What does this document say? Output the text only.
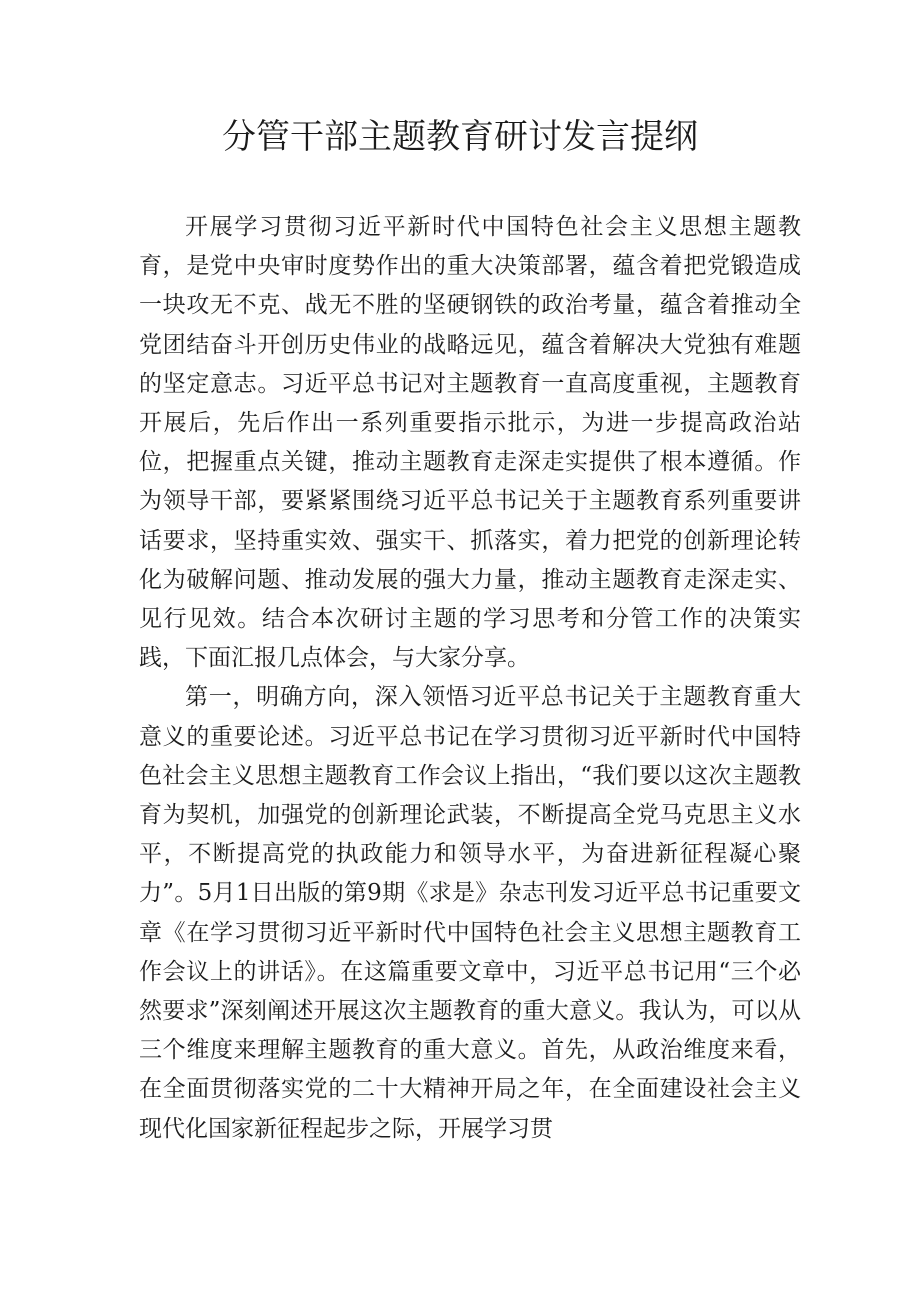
分管干部主题教育研讨发言提纲

开展学习贯彻习近平新时代中国特色社会主义思想主题教育，是党中央审时度势作出的重大决策部署，蕴含着把党锻造成一块攻无不克、战无不胜的坚硬钢铁的政治考量，蕴含着推动全党团结奋斗开创历史伟业的战略远见，蕴含着解决大党独有难题的坚定意志。习近平总书记对主题教育一直高度重视，主题教育开展后，先后作出一系列重要指示批示，为进一步提高政治站位，把握重点关键，推动主题教育走深走实提供了根本遵循。作为领导干部，要紧紧围绕习近平总书记关于主题教育系列重要讲话要求，坚持重实效、强实干、抓落实，着力把党的创新理论转化为破解问题、推动发展的强大力量，推动主题教育走深走实、见行见效。结合本次研讨主题的学习思考和分管工作的决策实践，下面汇报几点体会，与大家分享。

第一，明确方向，深入领悟习近平总书记关于主题教育重大意义的重要论述。习近平总书记在学习贯彻习近平新时代中国特色社会主义思想主题教育工作会议上指出，“我们要以这次主题教育为契机，加强党的创新理论武装，不断提高全党马克思主义水平，不断提高党的执政能力和领导水平，为奋进新征程凝心聚力”。5月1日出版的第9期《求是》杂志刊发习近平总书记重要文章《在学习贯彻习近平新时代中国特色社会主义思想主题教育工作会议上的讲话》。在这篇重要文章中，习近平总书记用“三个必然要求”深刻阐述开展这次主题教育的重大意义。我认为，可以从三个维度来理解主题教育的重大意义。首先，从政治维度来看，在全面贯彻落实党的二十大精神开局之年，在全面建设社会主义现代化国家新征程起步之际，开展学习贯
